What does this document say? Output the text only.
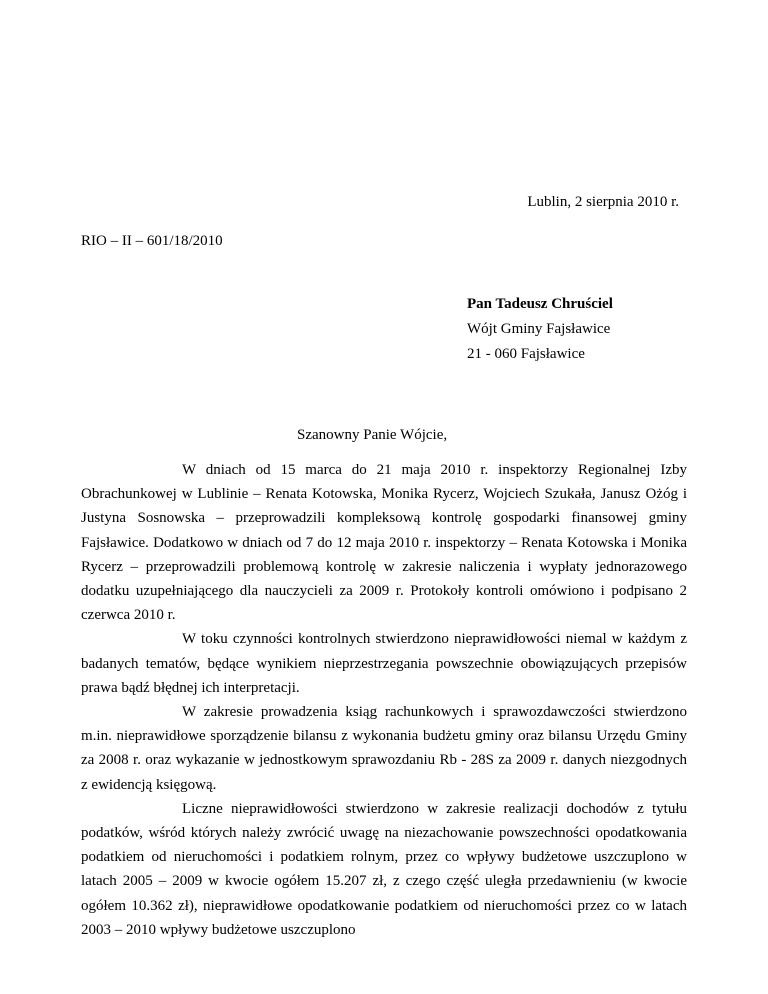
Lublin, 2 sierpnia 2010 r.
RIO – II – 601/18/2010
Pan Tadeusz Chruściel
Wójt Gminy Fajsławice
21 - 060 Fajsławice
Szanowny Panie Wójcie,

W dniach od 15 marca do 21 maja 2010 r. inspektorzy Regionalnej Izby Obrachunkowej w Lublinie – Renata Kotowska, Monika Rycerz, Wojciech Szukała, Janusz Ożóg i Justyna Sosnowska – przeprowadzili kompleksową kontrolę gospodarki finansowej gminy Fajsławice. Dodatkowo w dniach od 7 do 12 maja 2010 r. inspektorzy – Renata Kotowska i Monika Rycerz – przeprowadzili problemową kontrolę w zakresie naliczenia i wypłaty jednorazowego dodatku uzupełniającego dla nauczycieli za 2009 r. Protokoły kontroli omówiono i podpisano 2 czerwca 2010 r.

W toku czynności kontrolnych stwierdzono nieprawidłowości niemal w każdym z badanych tematów, będące wynikiem nieprzestrzegania powszechnie obowiązujących przepisów prawa bądź błędnej ich interpretacji.

W zakresie prowadzenia ksiąg rachunkowych i sprawozdawczości stwierdzono m.in. nieprawidłowe sporządzenie bilansu z wykonania budżetu gminy oraz bilansu Urzędu Gminy za 2008 r. oraz wykazanie w jednostkowym sprawozdaniu Rb - 28S za 2009 r. danych niezgodnych z ewidencją księgową.

Liczne nieprawidłowości stwierdzono w zakresie realizacji dochodów z tytułu podatków, wśród których należy zwrócić uwagę na niezachowanie powszechności opodatkowania podatkiem od nieruchomości i podatkiem rolnym, przez co wpływy budżetowe uszczuplono w latach 2005 – 2009 w kwocie ogółem 15.207 zł, z czego część uległa przedawnieniu (w kwocie ogółem 10.362 zł), nieprawidłowe opodatkowanie podatkiem od nieruchomości przez co w latach 2003 – 2010 wpływy budżetowe uszczuplono
